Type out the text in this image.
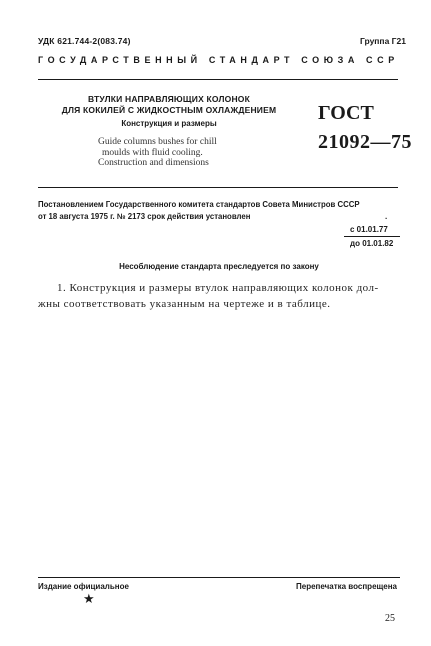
УДК 621.744-2(083.74)	Группа Г21
ГОСУДАРСТВЕННЫЙ СТАНДАРТ СОЮЗА ССР
ВТУЛКИ НАПРАВЛЯЮЩИХ КОЛОНОК
ДЛЯ КОКИЛЕЙ С ЖИДКОСТНЫМ ОХЛАЖДЕНИЕМ
Конструкция и размеры
Guide columns bushes for chill
moulds with fluid cooling.
Construction and dimensions
ГОСТ
21092—75
Постановлением Государственного комитета стандартов Совета Министров СССР
от 18 августа 1975 г. № 2173 срок действия установлен	·
с 01.01.77
до 01.01.82
Несоблюдение стандарта преследуется по закону
1. Конструкция и размеры втулок направляющих колонок дол-
жны соответствовать указанным на чертеже и в таблице.
Издание официальное	Перепечатка воспрещена
★
25
